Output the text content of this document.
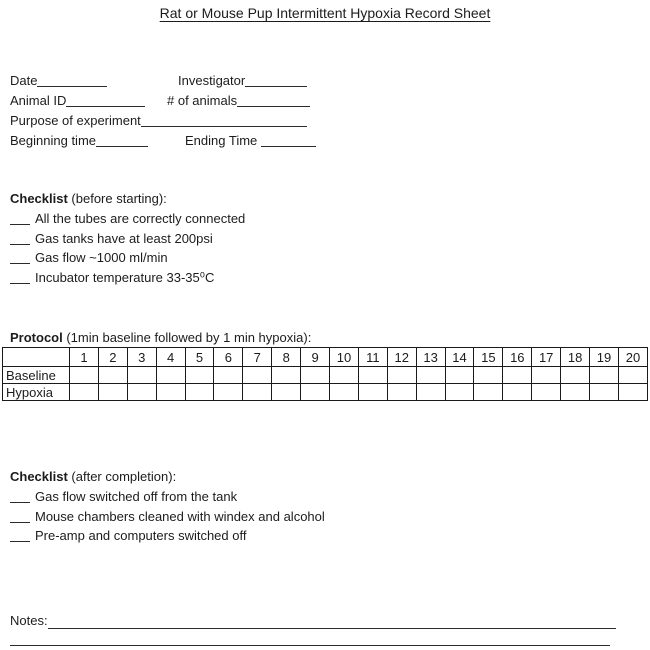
Rat or Mouse Pup Intermittent Hypoxia Record Sheet
Date	Investigator
Animal ID	# of animals
Purpose of experiment
Beginning time	Ending Time
Checklist (before starting):
All the tubes are correctly connected
Gas tanks have at least 200psi
Gas flow ~1000 ml/min
Incubator temperature 33-35⁰C
Protocol (1min baseline followed by 1 min hypoxia):
	1	2	3	4	5	6	7	8	9	10	11	12	13	14	15	16	17	18	19	20
Baseline																				
Hypoxia																				
Checklist (after completion):
Gas flow switched off from the tank
Mouse chambers cleaned with windex and alcohol
Pre-amp and computers switched off
Notes:
